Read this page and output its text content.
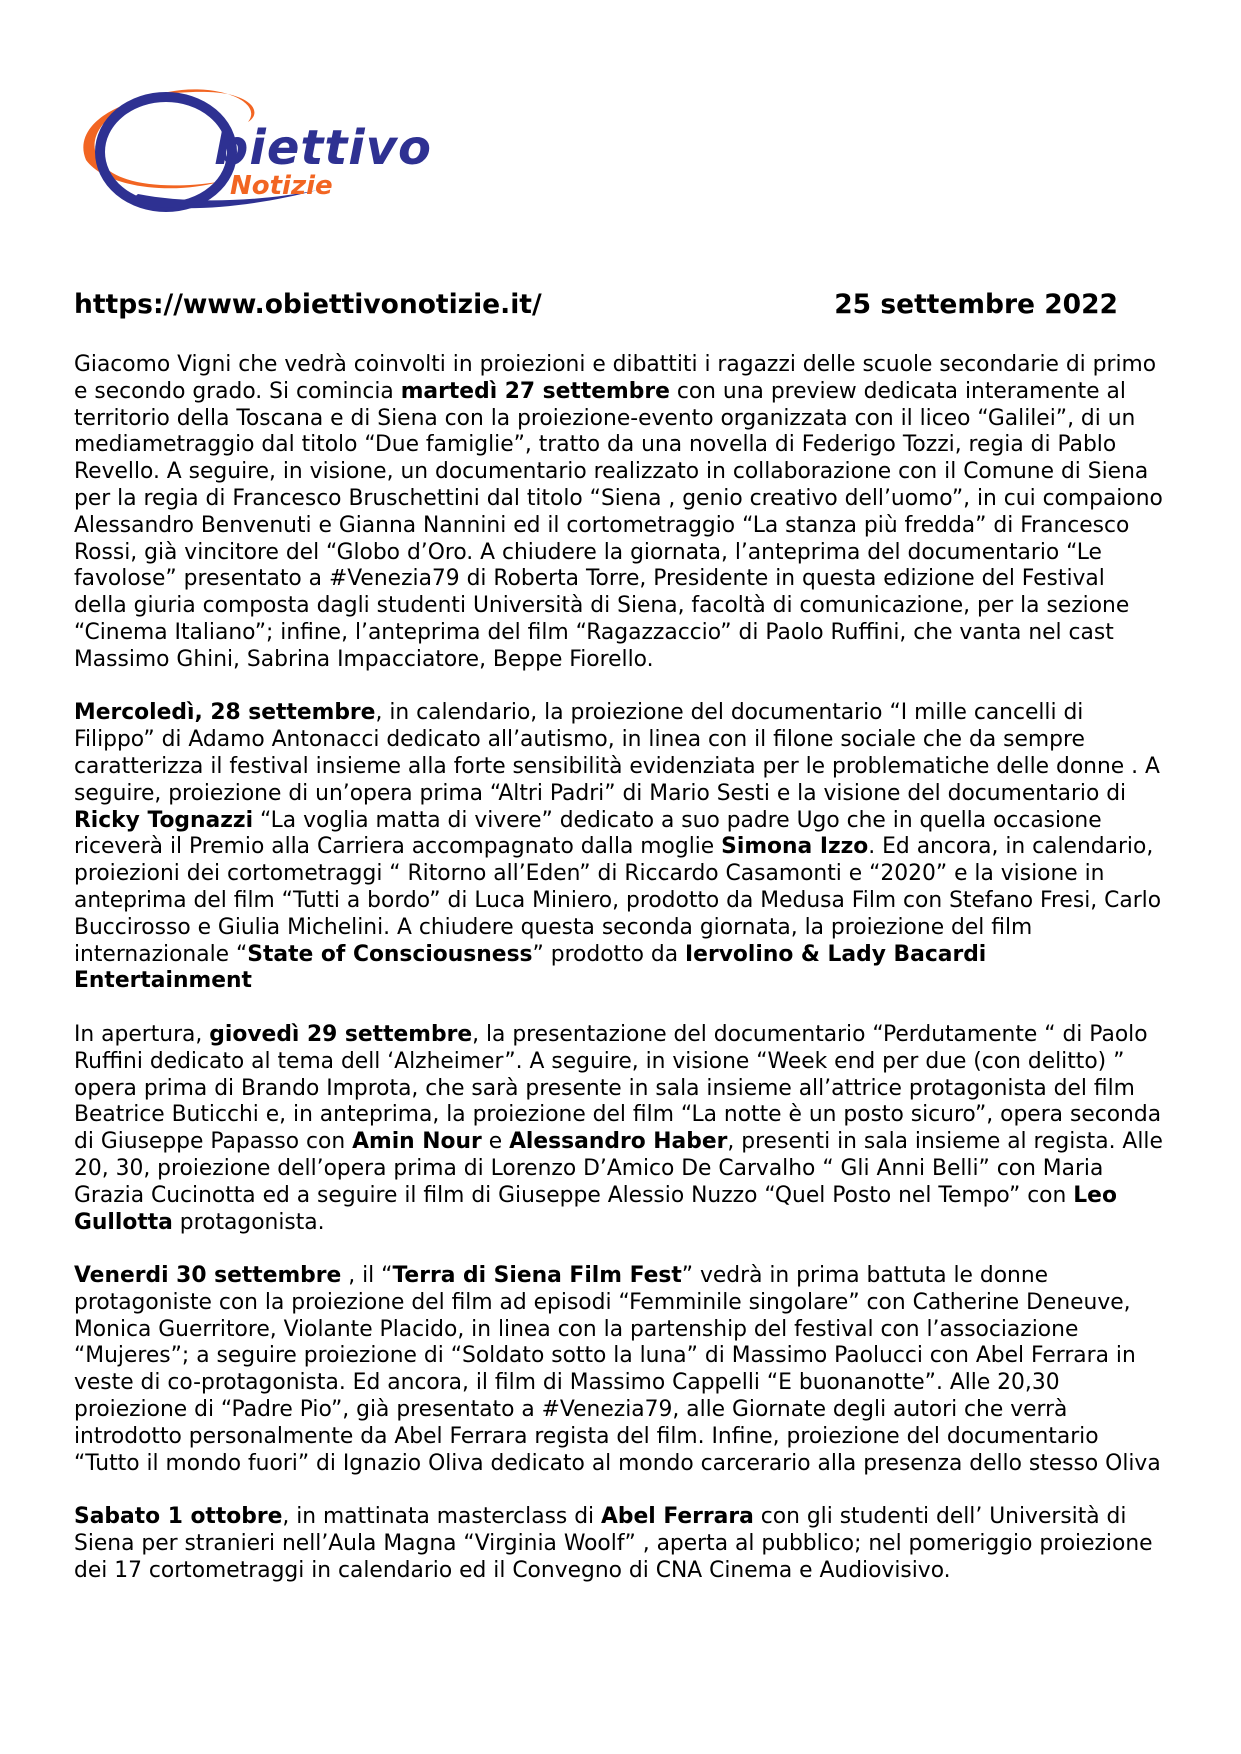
biettivo
Notizie
https://www.obiettivonotizie.it/	25 settembre 2022

Giacomo Vigni che vedrà coinvolti in proiezioni e dibattiti i ragazzi delle scuole secondarie di primo e secondo grado. Si comincia martedì 27 settembre con una preview dedicata interamente al territorio della Toscana e di Siena con la proiezione-evento organizzata con il liceo “Galilei”, di un mediametraggio dal titolo “Due famiglie”, tratto da una novella di Federigo Tozzi, regia di Pablo Revello. A seguire, in visione, un documentario realizzato in collaborazione con il Comune di Siena per la regia di Francesco Bruschettini dal titolo “Siena , genio creativo dell’uomo”, in cui compaiono Alessandro Benvenuti e Gianna Nannini ed il cortometraggio “La stanza più fredda” di Francesco Rossi, già vincitore del “Globo d’Oro. A chiudere la giornata, l’anteprima del documentario “Le favolose” presentato a #Venezia79 di Roberta Torre, Presidente in questa edizione del Festival della giuria composta dagli studenti Università di Siena, facoltà di comunicazione, per la sezione “Cinema Italiano”; infine, l’anteprima del film “Ragazzaccio” di Paolo Ruffini, che vanta nel cast Massimo Ghini, Sabrina Impacciatore, Beppe Fiorello.

Mercoledì, 28 settembre, in calendario, la proiezione del documentario “I mille cancelli di Filippo” di Adamo Antonacci dedicato all’autismo, in linea con il filone sociale che da sempre caratterizza il festival insieme alla forte sensibilità evidenziata per le problematiche delle donne . A seguire, proiezione di un’opera prima “Altri Padri” di Mario Sesti e la visione del documentario di Ricky Tognazzi “La voglia matta di vivere” dedicato a suo padre Ugo che in quella occasione riceverà il Premio alla Carriera accompagnato dalla moglie Simona Izzo. Ed ancora, in calendario, proiezioni dei cortometraggi “ Ritorno all’Eden” di Riccardo Casamonti e “2020” e la visione in anteprima del film “Tutti a bordo” di Luca Miniero, prodotto da Medusa Film con Stefano Fresi, Carlo Buccirosso e Giulia Michelini. A chiudere questa seconda giornata, la proiezione del film internazionale “State of Consciousness” prodotto da Iervolino & Lady Bacardi Entertainment

In apertura, giovedì 29 settembre, la presentazione del documentario “Perdutamente “ di Paolo Ruffini dedicato al tema dell ‘Alzheimer”. A seguire, in visione “Week end per due (con delitto) ” opera prima di Brando Improta, che sarà presente in sala insieme all’attrice protagonista del film Beatrice Buticchi e, in anteprima, la proiezione del film “La notte è un posto sicuro”, opera seconda di Giuseppe Papasso con Amin Nour e Alessandro Haber, presenti in sala insieme al regista. Alle 20, 30, proiezione dell’opera prima di Lorenzo D’Amico De Carvalho “ Gli Anni Belli” con Maria Grazia Cucinotta ed a seguire il film di Giuseppe Alessio Nuzzo “Quel Posto nel Tempo” con Leo Gullotta protagonista.

Venerdi 30 settembre , il “Terra di Siena Film Fest” vedrà in prima battuta le donne protagoniste con la proiezione del film ad episodi “Femminile singolare” con Catherine Deneuve, Monica Guerritore, Violante Placido, in linea con la partenship del festival con l’associazione “Mujeres”; a seguire proiezione di “Soldato sotto la luna” di Massimo Paolucci con Abel Ferrara in veste di co-protagonista. Ed ancora, il film di Massimo Cappelli “E buonanotte”. Alle 20,30 proiezione di “Padre Pio”, già presentato a #Venezia79, alle Giornate degli autori che verrà introdotto personalmente da Abel Ferrara regista del film. Infine, proiezione del documentario “Tutto il mondo fuori” di Ignazio Oliva dedicato al mondo carcerario alla presenza dello stesso Oliva

Sabato 1 ottobre, in mattinata masterclass di Abel Ferrara con gli studenti dell’ Università di Siena per stranieri nell’Aula Magna “Virginia Woolf” , aperta al pubblico; nel pomeriggio proiezione dei 17 cortometraggi in calendario ed il Convegno di CNA Cinema e Audiovisivo.
